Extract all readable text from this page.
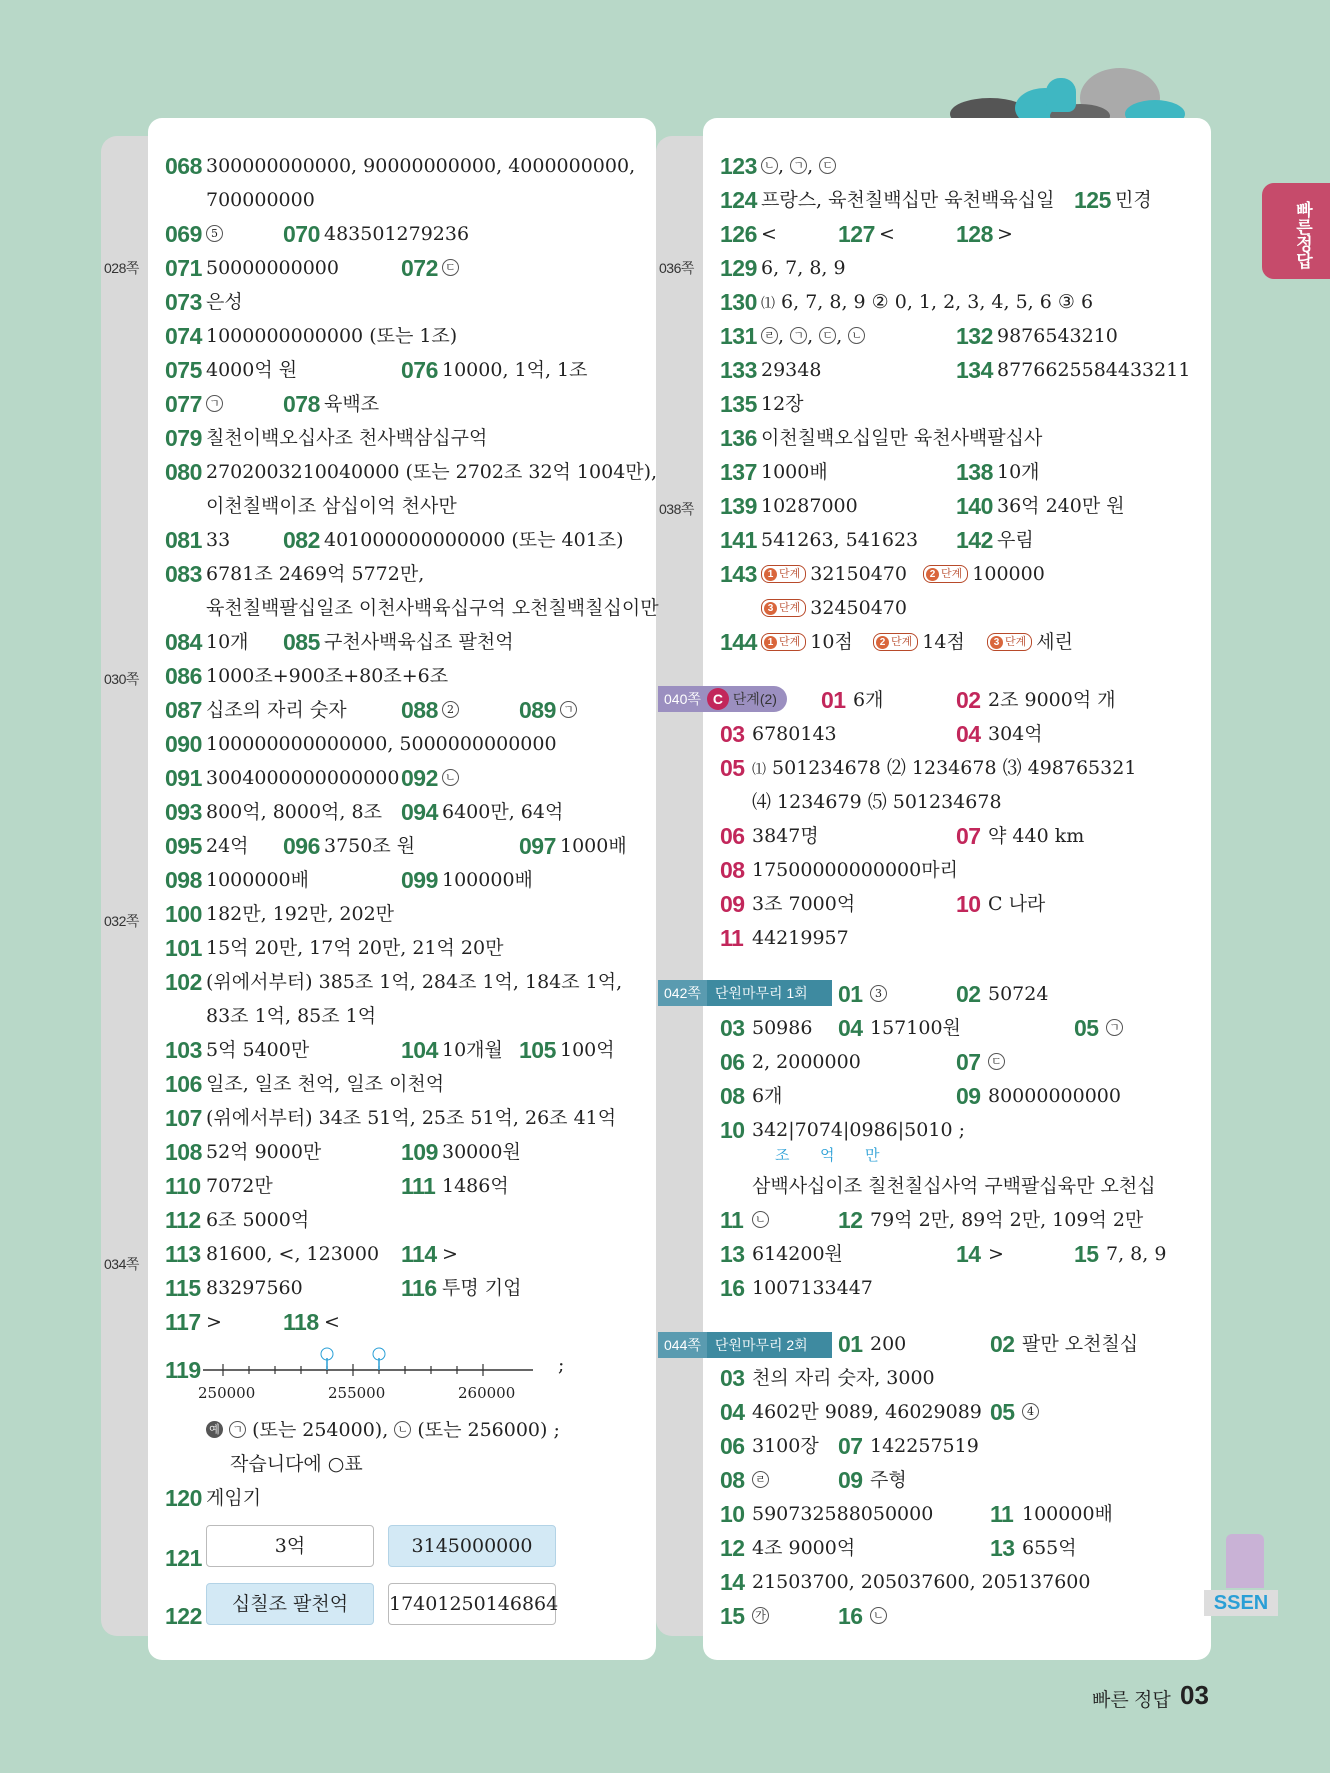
빠른정답
028쪽
030쪽
032쪽
034쪽
036쪽
038쪽
068 300000000000, 90000000000, 4000000000,
700000000
069 5	070 483501279236
071 50000000000	072 ㄷ
073 은성
074 1000000000000 (또는 1조)
075 4000억 원	076 10000, 1억, 1조
077 ㄱ	078 육백조
079 칠천이백오십사조 천사백삼십구억
080 2702003210040000 (또는 2702조 32억 1004만),
이천칠백이조 삼십이억 천사만
081 33 082 401000000000000 (또는 401조)
083 6781조 2469억 5772만,
육천칠백팔십일조 이천사백육십구억 오천칠백칠십이만
084 10개 085 구천사백육십조 팔천억
086 1000조+900조+80조+6조
087 십조의 자리 숫자 088 2	089 ㄱ
090 100000000000000, 5000000000000
091 3004000000000000 092 ㄴ
093 800억, 8000억, 8조 094 6400만, 64억
095 24억 096 3750조 원	097 1000배
098 1000000배	099 100000배
100 182만, 192만, 202만
101 15억 20만, 17억 20만, 21억 20만
102 (위에서부터) 385조 1억, 284조 1억, 184조 1억,
83조 1억, 85조 1억
103 5억 5400만	104 10개월 105 100억
106 일조, 일조 천억, 일조 이천억
107 (위에서부터) 34조 51억, 25조 51억, 26조 41억
108 52억 9000만	109 30000원
110 7072만	111 1486억
112 6조 5000억
113 81600, <, 123000 114 >
115 83297560	116 투명 기업
117 >	118 <
119
250000	255000	260000
;
예 ㄱ (또는 254000), ㄴ (또는 256000) ;
작습니다에 ○표
120 게임기
121	3억	3145000000
122	십칠조 팔천억	17401250146864
123 ㄴ , ㄱ , ㄷ
124 프랑스, 육천칠백십만 육천백육십일 125 민경
126 <	127 <	128 >
129 6, 7, 8, 9
130 ⑴ 6, 7, 8, 9 ② 0, 1, 2, 3, 4, 5, 6 ③ 6
131 ㄹ , ㄱ , ㄷ , ㄴ	132 9876543210
133 29348	134 8776625584433211
135 12장
136 이천칠백오십일만 육천사백팔십사
137 1000배	138 10개
139 10287000	140 36억 240만 원
141 541263, 541623 142 우림
143	1 단계 32150470	2 단계 100000
3 단계 32450470
144	1 단계 10점	2 단계 14점	3 단계 세린
01 6개	02 2조 9000억 개
03 6780143	04 304억
05 ⑴ 501234678 ⑵ 1234678 ⑶ 498765321
⑷ 1234679 ⑸ 501234678
06 3847명	07 약 440 km
08 17500000000000마리
09 3조 7000억	10 C 나라
11 44219957
01	3	02 50724
03 50986 04 157100원	05 ㄱ
06 2, 2000000	07 ㄷ
08 6개	09 80000000000
10 342|7074|0986|5010 ;
조 억 만
삼백사십이조 칠천칠십사억 구백팔십육만 오천십
11 ㄴ	12 79억 2만, 89억 2만, 109억 2만
13 614200원	14 >	15 7, 8, 9
16 1007133447
01 200	02 팔만 오천칠십
03 천의 자리 숫자, 3000
04 4602만 9089, 46029089 05	4
06 3100장 07 142257519
08 ㄹ	09 주형
10 590732588050000 11 100000배
12 4조 9000억	13 655억
14 21503700, 205037600, 205137600
15 가	16 ㄴ
040쪽 C 단계(2)
042쪽 단원마무리 1회
044쪽 단원마무리 2회
SSEN
빠른 정답 03
